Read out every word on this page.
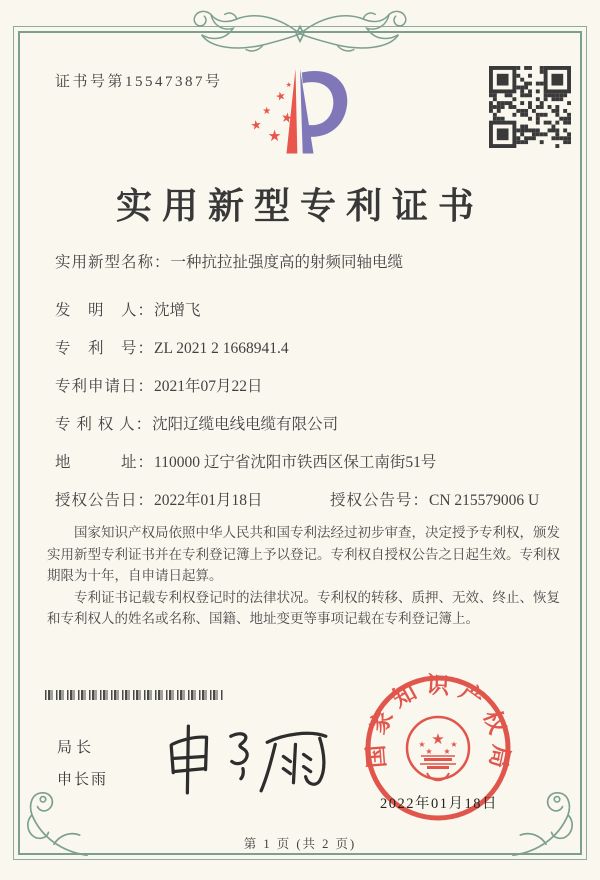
证书号第15547387号	★
★
★ ★
★
★
实用新型专利证书
实用新型名称：一种抗拉扯强度高的射频同轴电缆
发　明　人：沈增飞
专　利　号：ZL 2021 2 1668941.4
专利申请日：2021年07月22日
专 利 权 人：沈阳辽缆电线电缆有限公司
地　　　址：110000 辽宁省沈阳市铁西区保工南街51号
授权公告日：2022年01月18日	授权公告号：CN 215579006 U

国家知识产权局依照中华人民共和国专利法经过初步审查，决定授予专利权，颁发实用新型专利证书并在专利登记簿上予以登记。专利权自授权公告之日起生效。专利权期限为十年，自申请日起算。

专利证书记载专利权登记时的法律状况。专利权的转移、质押、无效、终止、恢复和专利权人的姓名或名称、国籍、地址变更等事项记载在专利登记簿上。

局长
申长雨
国家知识产权局
★
★	★
★ ★
2022年01月18日
第 1 页 (共 2 页)
